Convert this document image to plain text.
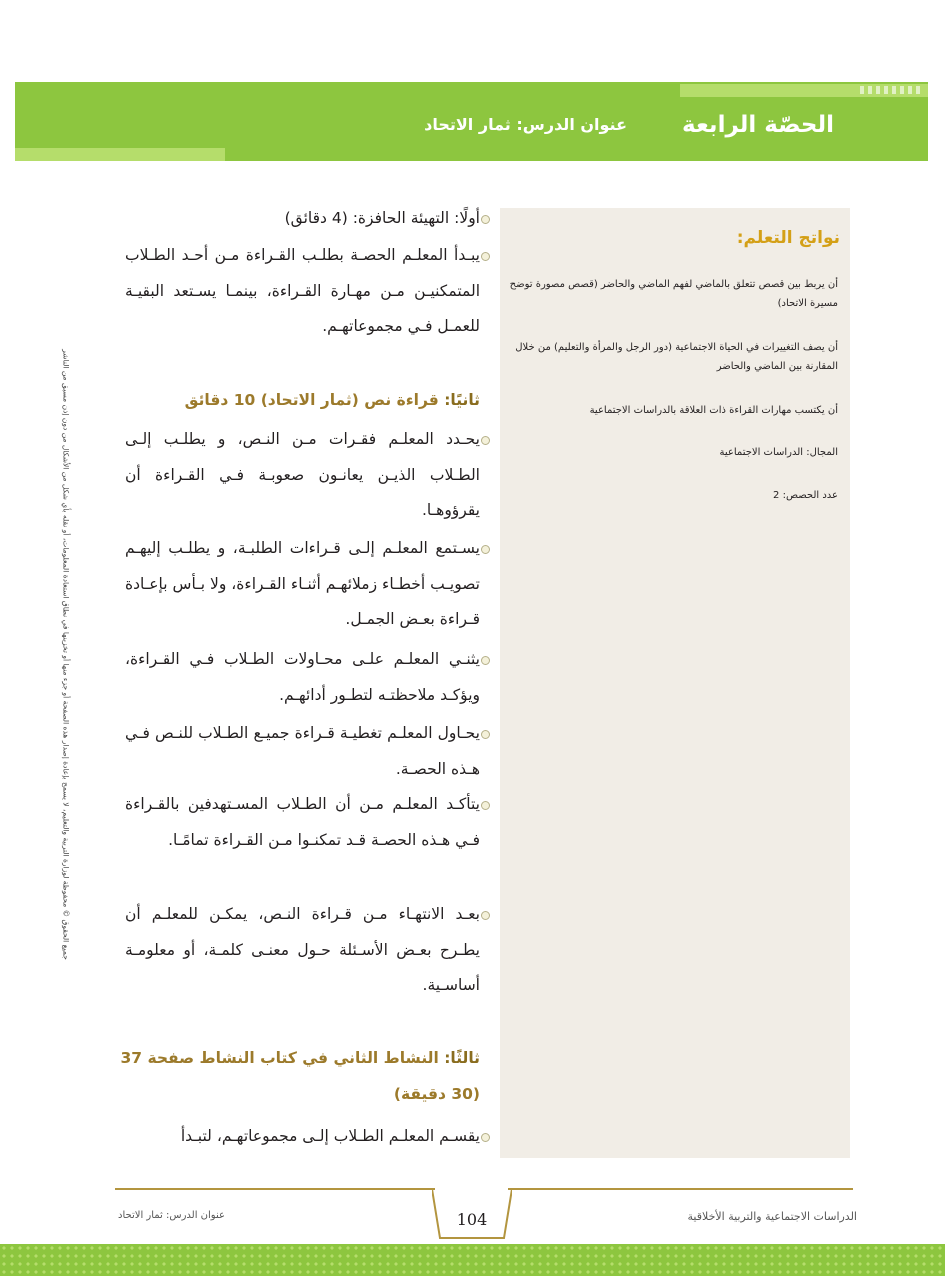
الحصّة الرابعة
عنوان الدرس: ثمار الاتحاد
نواتج التعلم:
أن يربط بين قصص تتعلق بالماضي لفهم الماضي والحاضر (قصص مصورة توضح مسيرة الاتحاد)
أن يصف التغييرات في الحياة الاجتماعية (دور الرجل والمرأة والتعليم) من خلال المقارنة بين الماضي والحاضر
أن يكتسب مهارات القراءة ذات العلاقة بالدراسات الاجتماعية
المجال: الدراسات الاجتماعية
عدد الحصص: 2
أولًا: التهيئة الحافزة: (4 دقائق)
يبـدأ المعلـم الحصـة بطلـب القـراءة مـن أحـد الطـلاب المتمكنيـن مـن مهـارة القـراءة، بينمـا يسـتعد البقيـة للعمـل فـي مجموعاتهـم.
ثانيًا: قراءة نص (ثمار الاتحاد) 10 دقائق
يحـدد المعلـم فقـرات مـن النـص، و يطلـب إلـى الطـلاب الذيـن يعانـون صعوبـة فـي القـراءة أن يقرؤوهـا.
يسـتمع المعلـم إلـى قـراءات الطلبـة، و يطلـب إليهـم تصويـب أخطـاء زملائهـم أثنـاء القـراءة، ولا بـأس بإعـادة قـراءة بعـض الجمـل.
يثنـي المعلـم علـى محـاولات الطـلاب فـي القـراءة، ويؤكـد ملاحظتـه لتطـور أدائهـم.
يحـاول المعلـم تغطيـة قـراءة جميـع الطـلاب للنـص فـي هـذه الحصـة.
يتأكـد المعلـم مـن أن الطـلاب المسـتهدفين بالقـراءة فـي هـذه الحصـة قـد تمكنـوا مـن القـراءة تمامًـا.
بعـد الانتهـاء مـن قـراءة النـص، يمكـن للمعلـم أن يطـرح بعـض الأسـئلة حـول معنـى كلمـة، أو معلومـة أساسـية.
ثالثًا: النشاط الثاني في كتاب النشاط صفحة 37
(30 دقيقة)
يقسـم المعلـم الطـلاب إلـى مجموعاتهـم، لتبـدأ
جميع الحقوق © محفوظة لوزارة التربية والتعليم، لا يسمح بإعادة إصدار هذه الصفحة أو جزء منها أو تخزينها في نطاق استعادة المعلومات، أو نقله بأي شكل من الأشكال من دون إذن مسبق من الناشر
104	الدراسات الاجتماعية والتربية الأخلاقية
عنوان الدرس: ثمار الاتحاد
